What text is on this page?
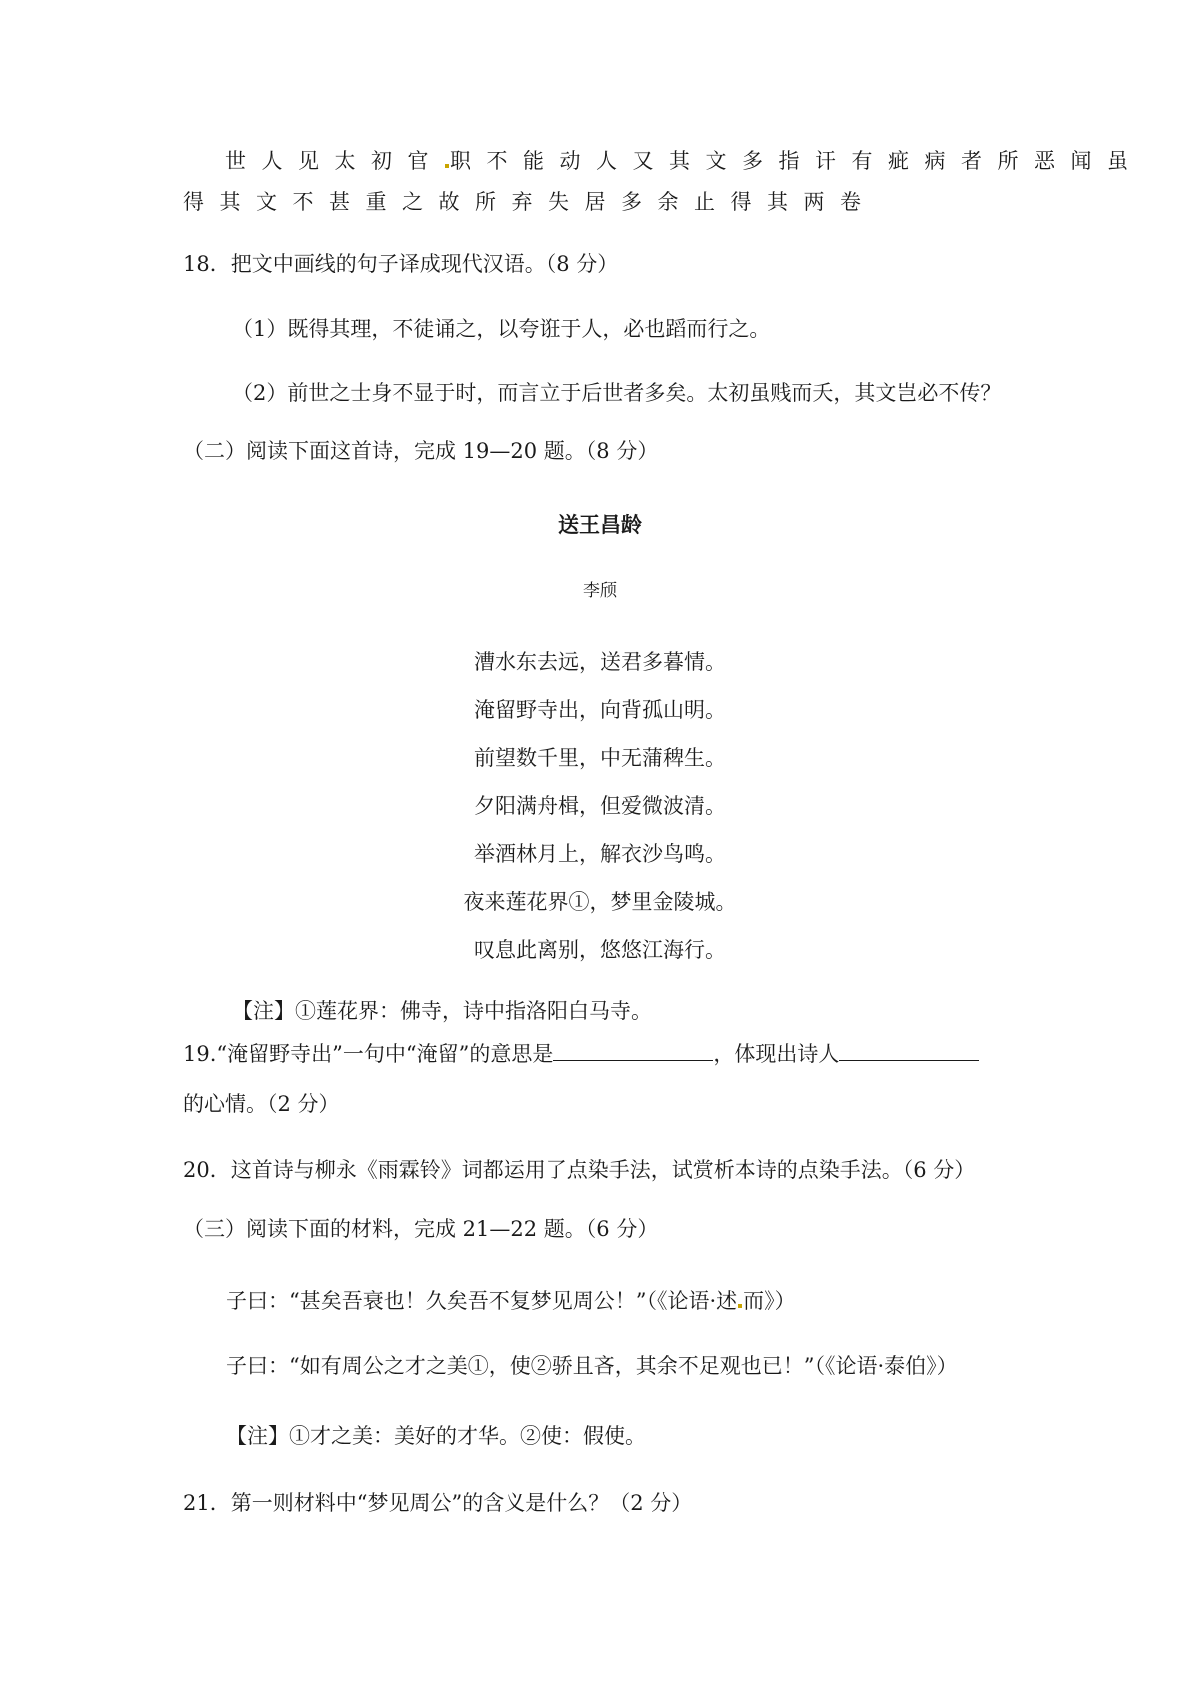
世人见太初官 职不能动人又其文多指讦有疵病者所恶闻虽
得其文不甚重之故所弃失居多余止得其两卷
18．把文中画线的句子译成现代汉语。（8 分）
（1）既得其理，不徒诵之，以夸诳于人，必也蹈而行之。
（2）前世之士身不显于时，而言立于后世者多矣。太初虽贱而夭，其文岂必不传？
（二）阅读下面这首诗，完成 19—20 题。（8 分）
送王昌龄
李颀
漕水东去远，送君多暮情。
淹留野寺出，向背孤山明。
前望数千里，中无蒲稗生。
夕阳满舟楫，但爱微波清。
举酒林月上，解衣沙鸟鸣。
夜来莲花界①，梦里金陵城。
叹息此离别，悠悠江海行。
【注】①莲花界：佛寺，诗中指洛阳白马寺。
19.“淹留野寺出”一句中“淹留”的意思是	，体现出诗人
的心情。（2 分）
20．这首诗与柳永《雨霖铃》词都运用了点染手法，试赏析本诗的点染手法。（6 分）
（三）阅读下面的材料，完成 21—22 题。（6 分）
子曰：“甚矣吾衰也！久矣吾不复梦见周公！”（《论语·述 而》）
子曰：“如有周公之才之美①，使②骄且吝，其余不足观也已！”（《论语·泰伯》）
【注】①才之美：美好的才华。②使：假使。
21．第一则材料中“梦见周公”的含义是什么？（2 分）
